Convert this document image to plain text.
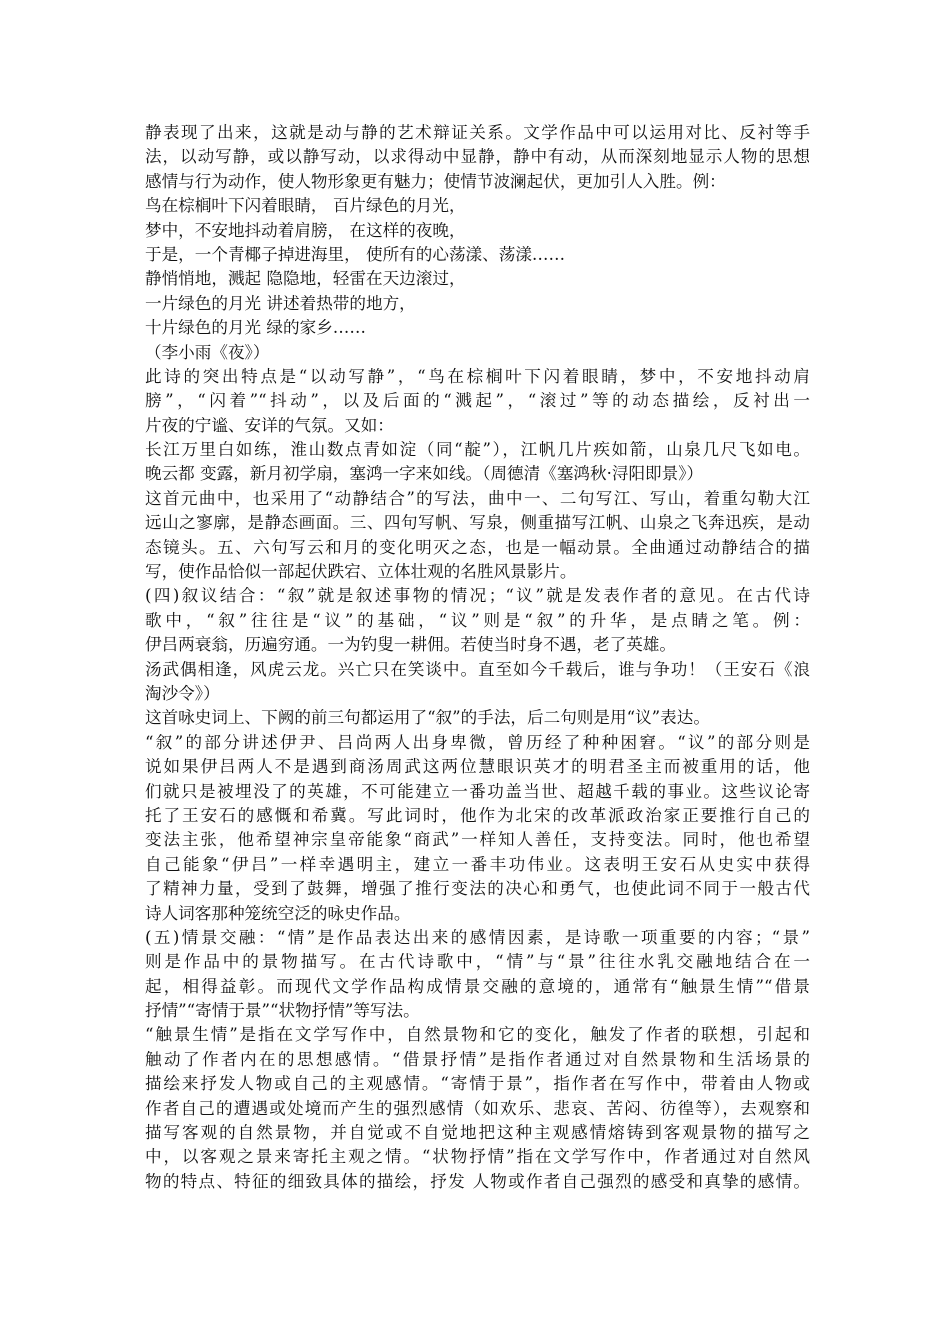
静表现了出来，这就是动与静的艺术辩证关系。文学作品中可以运用对比、反衬等手
法，以动写静，或以静写动，以求得动中显静，静中有动，从而深刻地显示人物的思想
感情与行为动作，使人物形象更有魅力；使情节波澜起伏，更加引人入胜。例：
鸟在棕榈叶下闪着眼睛， 百片绿色的月光，
梦中，不安地抖动着肩膀， 在这样的夜晚，
于是，一个青椰子掉进海里， 使所有的心荡漾、荡漾……
静悄悄地，溅起 隐隐地，轻雷在天边滚过，
一片绿色的月光 讲述着热带的地方，
十片绿色的月光 绿的家乡……
（李小雨《夜》）
此诗的突出特点是“以动写静”，“鸟在棕榈叶下闪着眼睛，梦中，不安地抖动肩
膀”，“闪着”“抖动”，以及后面的“溅起”，“滚过”等的动态描绘，反衬出一
片夜的宁谧、安详的气氛。又如：
长江万里白如练，淮山数点青如淀（同“靛”），江帆几片疾如箭，山泉几尺飞如电。
晚云都 变露，新月初学扇，塞鸿一字来如线。（周德清《塞鸿秋·浔阳即景》）
这首元曲中，也采用了“动静结合”的写法，曲中一、二句写江、写山，着重勾勒大江
远山之寥廓，是静态画面。三、四句写帆、写泉，侧重描写江帆、山泉之飞奔迅疾，是动
态镜头。五、六句写云和月的变化明灭之态，也是一幅动景。全曲通过动静结合的描
写，使作品恰似一部起伏跌宕、立体壮观的名胜风景影片。
(四)叙议结合：“叙”就是叙述事物的情况；“议”就是发表作者的意见。在古代诗
歌中，“叙”往往是“议”的基础，“议”则是“叙”的升华，是点睛之笔。例：
伊吕两衰翁，历遍穷通。一为钓叟一耕佣。若使当时身不遇，老了英雄。
汤武偶相逢，风虎云龙。兴亡只在笑谈中。直至如今千载后，谁与争功！（王安石《浪
淘沙令》）
这首咏史词上、下阙的前三句都运用了“叙”的手法，后二句则是用“议”表达。
“叙”的部分讲述伊尹、吕尚两人出身卑微，曾历经了种种困窘。“议”的部分则是
说如果伊吕两人不是遇到商汤周武这两位慧眼识英才的明君圣主而被重用的话，他
们就只是被埋没了的英雄，不可能建立一番功盖当世、超越千载的事业。这些议论寄
托了王安石的感慨和希冀。写此词时，他作为北宋的改革派政治家正要推行自己的
变法主张，他希望神宗皇帝能象“商武”一样知人善任，支持变法。同时，他也希望
自己能象“伊吕”一样幸遇明主，建立一番丰功伟业。这表明王安石从史实中获得
了精神力量，受到了鼓舞，增强了推行变法的决心和勇气，也使此词不同于一般古代
诗人词客那种笼统空泛的咏史作品。
(五)情景交融：“情”是作品表达出来的感情因素，是诗歌一项重要的内容；“景”
则是作品中的景物描写。在古代诗歌中，“情”与“景”往往水乳交融地结合在一
起，相得益彰。而现代文学作品构成情景交融的意境的，通常有“触景生情”“借景
抒情”“寄情于景”“状物抒情”等写法。
“触景生情”是指在文学写作中，自然景物和它的变化，触发了作者的联想，引起和
触动了作者内在的思想感情。“借景抒情”是指作者通过对自然景物和生活场景的
描绘来抒发人物或自己的主观感情。“寄情于景”，指作者在写作中，带着由人物或
作者自己的遭遇或处境而产生的强烈感情（如欢乐、悲哀、苦闷、彷徨等），去观察和
描写客观的自然景物，并自觉或不自觉地把这种主观感情熔铸到客观景物的描写之
中，以客观之景来寄托主观之情。“状物抒情”指在文学写作中，作者通过对自然风
物的特点、特征的细致具体的描绘，抒发 人物或作者自己强烈的感受和真挚的感情。
